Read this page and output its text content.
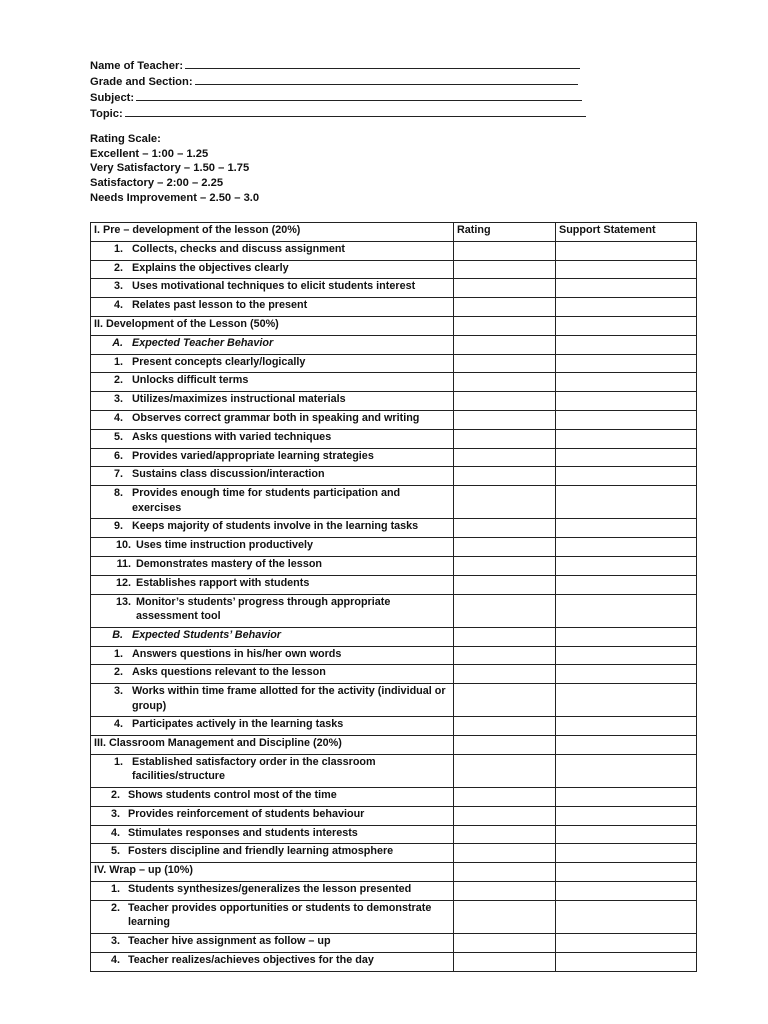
Name of Teacher:
Grade and Section:
Subject:
Topic:
Rating Scale:
Excellent – 1:00 – 1.25
Very Satisfactory – 1.50 – 1.75
Satisfactory – 2:00 – 2.25
Needs Improvement – 2.50 – 3.0
I. Pre – development of the lesson (20%)	Rating	Support Statement

1. Collects, checks and discuss assignment		

2. Explains the objectives clearly		

3. Uses motivational techniques to elicit students interest		

4. Relates past lesson to the present		

II. Development of the Lesson (50%)		

A. Expected Teacher Behavior		

1. Present concepts clearly/logically		

2. Unlocks difficult terms		

3. Utilizes/maximizes instructional materials		

4. Observes correct grammar both in speaking and writing		

5. Asks questions with varied techniques		

6. Provides varied/appropriate learning strategies		

7. Sustains class discussion/interaction		

8. Provides enough time for students participation and exercises		

9. Keeps majority of students involve in the learning tasks		

10. Uses time instruction productively		

11. Demonstrates mastery of the lesson		

12. Establishes rapport with students		

13. Monitor’s students’ progress through appropriate assessment tool		

B. Expected Students’ Behavior		

1. Answers questions in his/her own words		

2. Asks questions relevant to the lesson		

3. Works within time frame allotted for the activity (individual or group)		

4. Participates actively in the learning tasks		

III. Classroom Management and Discipline (20%)		

1. Established satisfactory order in the classroom facilities/structure		

2. Shows students control most of the time		

3. Provides reinforcement of students behaviour		

4. Stimulates responses and students interests		

5. Fosters discipline and friendly learning atmosphere		

IV. Wrap – up (10%)		

1. Students synthesizes/generalizes the lesson presented		

2. Teacher provides opportunities or students to demonstrate learning		

3. Teacher hive assignment as follow – up		

4. Teacher realizes/achieves objectives for the day		
